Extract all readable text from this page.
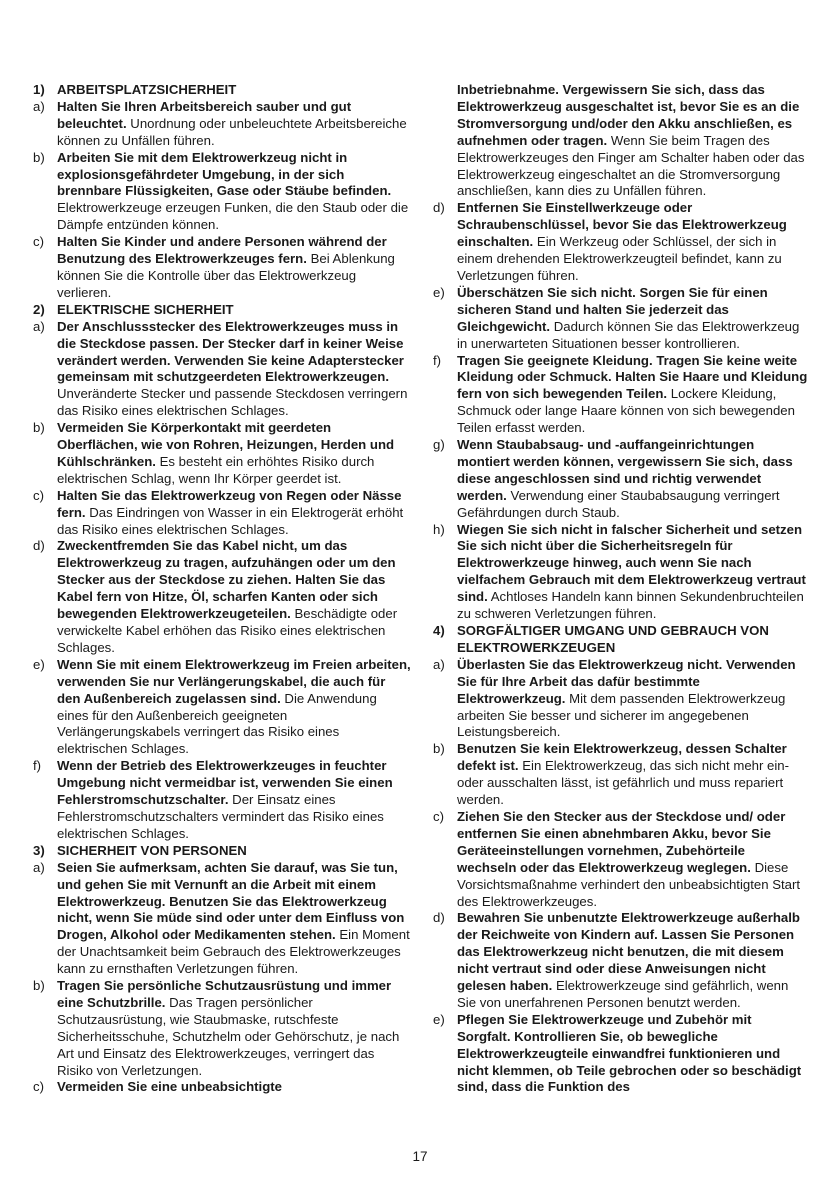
1) ARBEITSPLATZSICHERHEIT
a) Halten Sie Ihren Arbeitsbereich sauber und gut beleuchtet. Unordnung oder unbeleuchtete Arbeitsbereiche können zu Unfällen führen.
b) Arbeiten Sie mit dem Elektrowerkzeug nicht in explosionsgefährdeter Umgebung, in der sich brennbare Flüssigkeiten, Gase oder Stäube befinden. Elektrowerkzeuge erzeugen Funken, die den Staub oder die Dämpfe entzünden können.
c) Halten Sie Kinder und andere Personen während der Benutzung des Elektrowerkzeuges fern. Bei Ablenkung können Sie die Kontrolle über das Elektrowerkzeug verlieren.
2) ELEKTRISCHE SICHERHEIT
a) Der Anschlussstecker des Elektrowerkzeuges muss in die Steckdose passen. Der Stecker darf in keiner Weise verändert werden. Verwenden Sie keine Adapterstecker gemeinsam mit schutzgeerdeten Elektrowerkzeugen. Unveränderte Stecker und passende Steckdosen verringern das Risiko eines elektrischen Schlages.
b) Vermeiden Sie Körperkontakt mit geerdeten Oberflächen, wie von Rohren, Heizungen, Herden und Kühlschränken. Es besteht ein erhöhtes Risiko durch elektrischen Schlag, wenn Ihr Körper geerdet ist.
c) Halten Sie das Elektrowerkzeug von Regen oder Nässe fern. Das Eindringen von Wasser in ein Elektrogerät erhöht das Risiko eines elektrischen Schlages.
d) Zweckentfremden Sie das Kabel nicht, um das Elektrowerkzeug zu tragen, aufzuhängen oder um den Stecker aus der Steckdose zu ziehen. Halten Sie das Kabel fern von Hitze, Öl, scharfen Kanten oder sich bewegenden Elektrowerkzeugeteilen. Beschädigte oder verwickelte Kabel erhöhen das Risiko eines elektrischen Schlages.
e) Wenn Sie mit einem Elektrowerkzeug im Freien arbeiten, verwenden Sie nur Verlängerungskabel, die auch für den Außenbereich zugelassen sind. Die Anwendung eines für den Außenbereich geeigneten Verlängerungskabels verringert das Risiko eines elektrischen Schlages.
f)	Wenn der Betrieb des Elektrowerkzeuges in feuchter Umgebung nicht vermeidbar ist, verwenden Sie einen Fehlerstromschutzschalter. Der Einsatz eines Fehlerstromschutzschalters vermindert das Risiko eines elektrischen Schlages.
3) SICHERHEIT VON PERSONEN
a) Seien Sie aufmerksam, achten Sie darauf, was Sie tun, und gehen Sie mit Vernunft an die Arbeit mit einem Elektrowerkzeug. Benutzen Sie das Elektrowerkzeug nicht, wenn Sie müde sind oder unter dem Einfluss von Drogen, Alkohol oder Medikamenten stehen. Ein Moment der Unachtsamkeit beim Gebrauch des Elektrowerkzeuges kann zu ernsthaften Verletzungen führen.
b) Tragen Sie persönliche Schutzausrüstung und immer eine Schutzbrille. Das Tragen persönlicher Schutzausrüstung, wie Staubmaske, rutschfeste Sicherheitsschuhe, Schutzhelm oder Gehörschutz, je nach Art und Einsatz des Elektrowerkzeuges, verringert das Risiko von Verletzungen.
c) Vermeiden Sie eine unbeabsichtigte
Inbetriebnahme. Vergewissern Sie sich, dass das Elektrowerkzeug ausgeschaltet ist, bevor Sie es an die Stromversorgung und/oder den Akku anschließen, es aufnehmen oder tragen. Wenn Sie beim Tragen des Elektrowerkzeuges den Finger am Schalter haben oder das Elektrowerkzeug eingeschaltet an die Stromversorgung anschließen, kann dies zu Unfällen führen.
d) Entfernen Sie Einstellwerkzeuge oder Schraubenschlüssel, bevor Sie das Elektrowerkzeug einschalten. Ein Werkzeug oder Schlüssel, der sich in einem drehenden Elektrowerkzeugteil befindet, kann zu Verletzungen führen.
e) Überschätzen Sie sich nicht. Sorgen Sie für einen sicheren Stand und halten Sie jederzeit das Gleichgewicht. Dadurch können Sie das Elektrowerkzeug in unerwarteten Situationen besser kontrollieren.
f)	Tragen Sie geeignete Kleidung. Tragen Sie keine weite Kleidung oder Schmuck. Halten Sie Haare und Kleidung fern von sich bewegenden Teilen. Lockere Kleidung, Schmuck oder lange Haare können von sich bewegenden Teilen erfasst werden.
g) Wenn Staubabsaug- und -auffangeinrichtungen montiert werden können, vergewissern Sie sich, dass diese angeschlossen sind und richtig verwendet werden. Verwendung einer Staubabsaugung verringert Gefährdungen durch Staub.
h) Wiegen Sie sich nicht in falscher Sicherheit und setzen Sie sich nicht über die Sicherheitsregeln für Elektrowerkzeuge hinweg, auch wenn Sie nach vielfachem Gebrauch mit dem Elektrowerkzeug vertraut sind. Achtloses Handeln kann binnen Sekundenbruchteilen zu schweren Verletzungen führen.
4) SORGFÄLTIGER UMGANG UND GEBRAUCH VON ELEKTROWERKZEUGEN
a) Überlasten Sie das Elektrowerkzeug nicht. Verwenden Sie für Ihre Arbeit das dafür bestimmte Elektrowerkzeug. Mit dem passenden Elektrowerkzeug arbeiten Sie besser und sicherer im angegebenen Leistungsbereich.
b) Benutzen Sie kein Elektrowerkzeug, dessen Schalter defekt ist. Ein Elektrowerkzeug, das sich nicht mehr ein- oder ausschalten lässt, ist gefährlich und muss repariert werden.
c) Ziehen Sie den Stecker aus der Steckdose und/ oder entfernen Sie einen abnehmbaren Akku, bevor Sie Geräteeinstellungen vornehmen, Zubehörteile wechseln oder das Elektrowerkzeug weglegen. Diese Vorsichtsmaßnahme verhindert den unbeabsichtigten Start des Elektrowerkzeuges.
d) Bewahren Sie unbenutzte Elektrowerkzeuge außerhalb der Reichweite von Kindern auf. Lassen Sie Personen das Elektrowerkzeug nicht benutzen, die mit diesem nicht vertraut sind oder diese Anweisungen nicht gelesen haben. Elektrowerkzeuge sind gefährlich, wenn Sie von unerfahrenen Personen benutzt werden.
e) Pflegen Sie Elektrowerkzeuge und Zubehör mit Sorgfalt. Kontrollieren Sie, ob bewegliche Elektrowerkzeugteile einwandfrei funktionieren und nicht klemmen, ob Teile gebrochen oder so beschädigt sind, dass die Funktion des
17
